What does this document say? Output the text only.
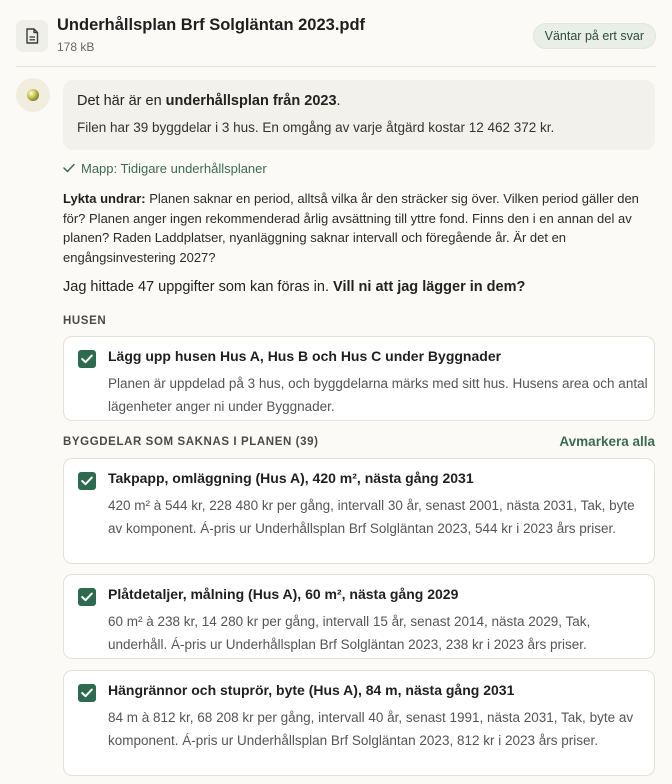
Underhållsplan Brf Solgläntan 2023.pdf
178 kB
Väntar på ert svar
Det här är en underhållsplan från 2023.
Filen har 39 byggdelar i 3 hus. En omgång av varje åtgärd kostar 12 462 372 kr.
Mapp: Tidigare underhållsplaner
Lykta undrar: Planen saknar en period, alltså vilka år den sträcker sig över. Vilken period gäller den för? Planen anger ingen rekommenderad årlig avsättning till yttre fond. Finns den i en annan del av planen? Raden Laddplatser, nyanläggning saknar intervall och föregående år. Är det en engångsinvestering 2027?
Jag hittade 47 uppgifter som kan föras in. Vill ni att jag lägger in dem?
HUSEN
Lägg upp husen Hus A, Hus B och Hus C under Byggnader
Planen är uppdelad på 3 hus, och byggdelarna märks med sitt hus. Husens area och antal lägenheter anger ni under Byggnader.
BYGGDELAR SOM SAKNAS I PLANEN (39)	Avmarkera alla
Takpapp, omläggning (Hus A), 420 m², nästa gång 2031
420 m² à 544 kr, 228 480 kr per gång, intervall 30 år, senast 2001, nästa 2031, Tak, byte av komponent. Á-pris ur Underhållsplan Brf Solgläntan 2023, 544 kr i 2023 års priser.
Plåtdetaljer, målning (Hus A), 60 m², nästa gång 2029
60 m² à 238 kr, 14 280 kr per gång, intervall 15 år, senast 2014, nästa 2029, Tak, underhåll. Á-pris ur Underhållsplan Brf Solgläntan 2023, 238 kr i 2023 års priser.
Hängrännor och stuprör, byte (Hus A), 84 m, nästa gång 2031
84 m à 812 kr, 68 208 kr per gång, intervall 40 år, senast 1991, nästa 2031, Tak, byte av komponent. Á-pris ur Underhållsplan Brf Solgläntan 2023, 812 kr i 2023 års priser.
